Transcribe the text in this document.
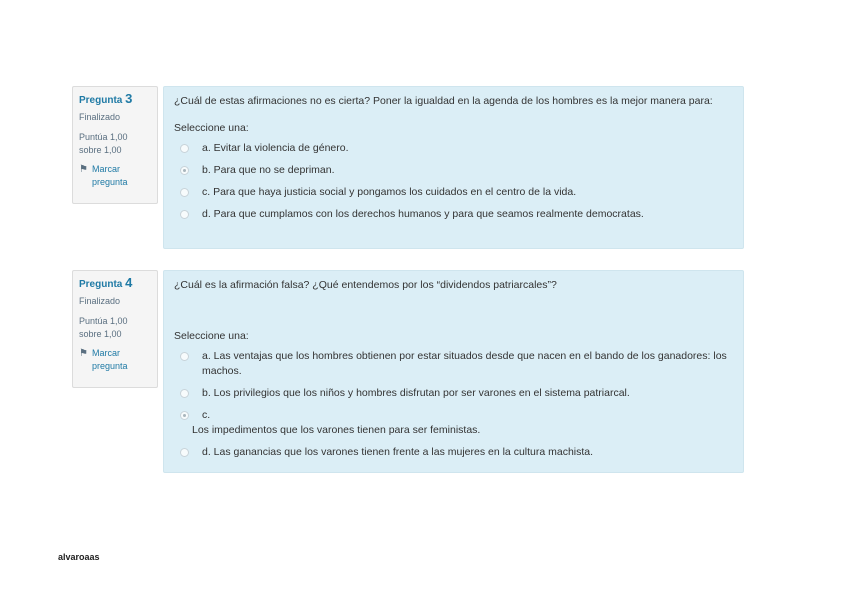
Pregunta 3
Finalizado
Puntúa 1,00 sobre 1,00
⚑ Marcar pregunta

¿Cuál de estas afirmaciones no es cierta? Poner la igualdad en la agenda de los hombres es la mejor manera para:

Seleccione una:
a. Evitar la violencia de género.
b. Para que no se depriman.
c. Para que haya justicia social y pongamos los cuidados en el centro de la vida.
d. Para que cumplamos con los derechos humanos y para que seamos realmente democratas.
Pregunta 4
Finalizado
Puntúa 1,00 sobre 1,00
⚑ Marcar pregunta

¿Cuál es la afirmación falsa? ¿Qué entendemos por los “dividendos patriarcales”?

Seleccione una:
a. Las ventajas que los hombres obtienen por estar situados desde que nacen en el bando de los ganadores: los machos.
b. Los privilegios que los niños y hombres disfrutan por ser varones en el sistema patriarcal.
c.
Los impedimentos que los varones tienen para ser feministas.
d. Las ganancias que los varones tienen frente a las mujeres en la cultura machista.
alvaroaas
